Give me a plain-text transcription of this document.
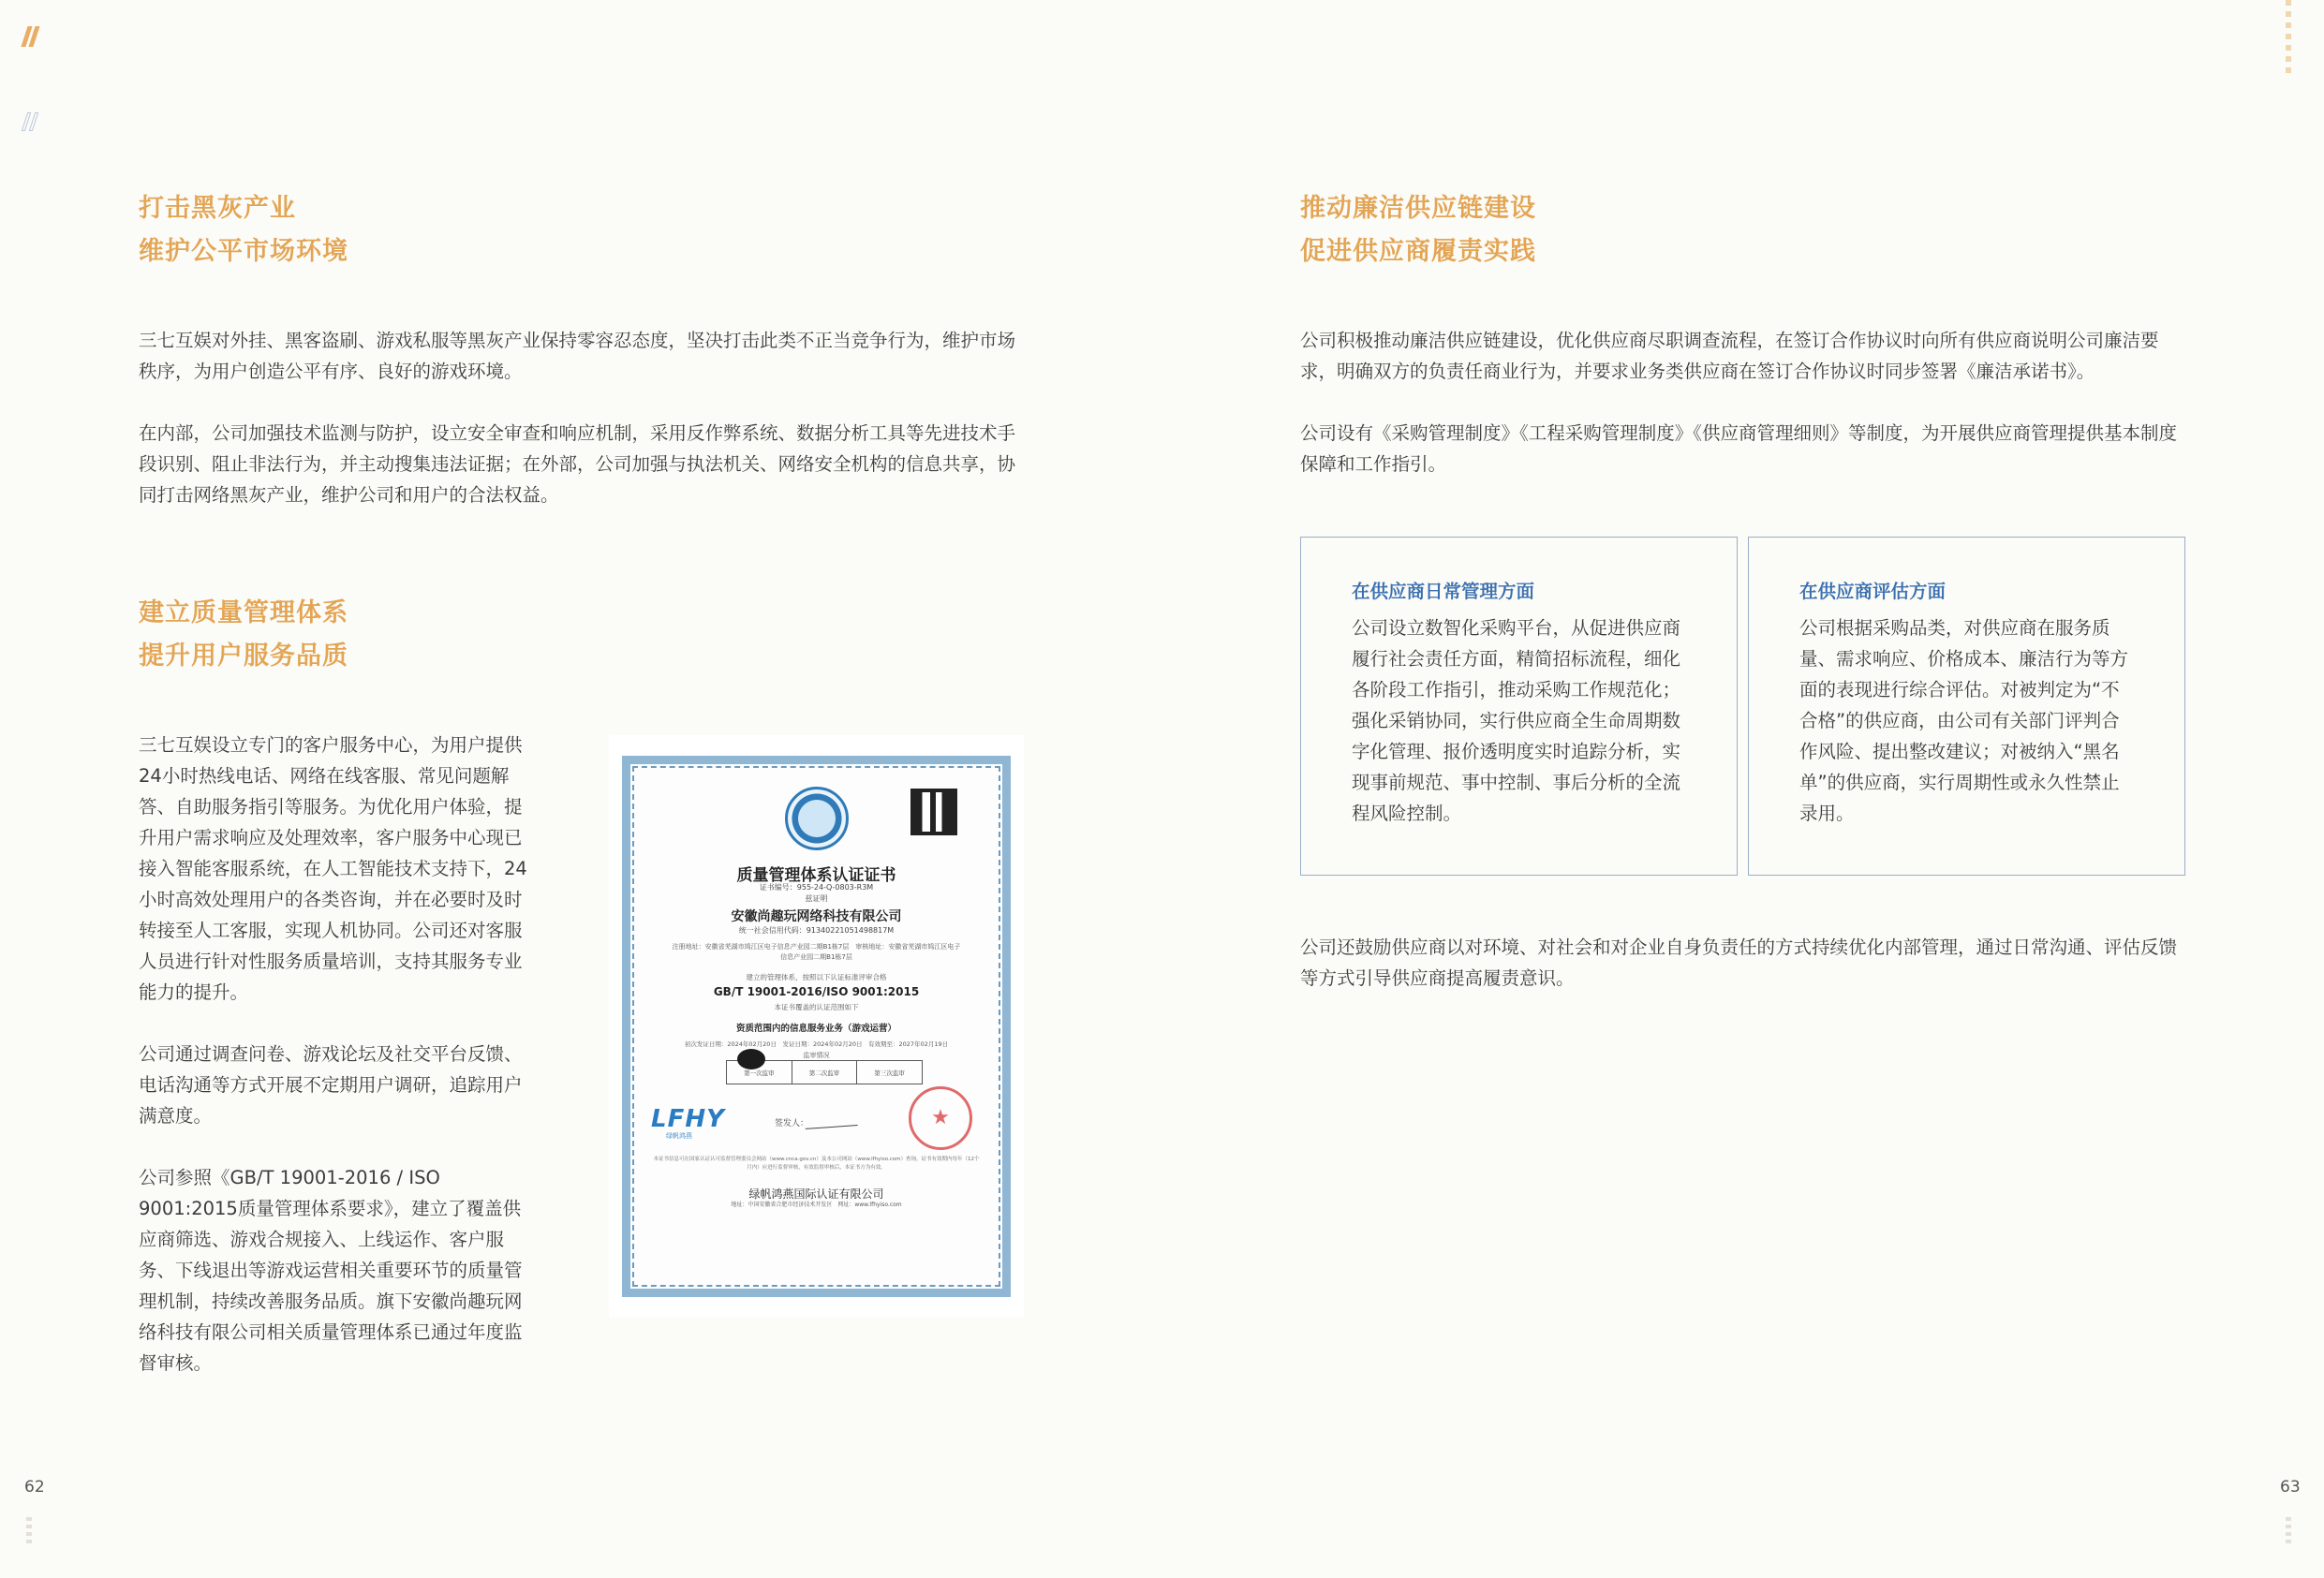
打击黑灰产业
维护公平市场环境

三七互娱对外挂、黑客盗刷、游戏私服等黑灰产业保持零容忍态度，坚决打击此类不正当竞争行为，维护市场秩序，为用户创造公平有序、良好的游戏环境。

在内部，公司加强技术监测与防护，设立安全审查和响应机制，采用反作弊系统、数据分析工具等先进技术手段识别、阻止非法行为，并主动搜集违法证据；在外部，公司加强与执法机关、网络安全机构的信息共享，协同打击网络黑灰产业，维护公司和用户的合法权益。

建立质量管理体系
提升用户服务品质

三七互娱设立专门的客户服务中心，为用户提供24小时热线电话、网络在线客服、常见问题解答、自助服务指引等服务。为优化用户体验，提升用户需求响应及处理效率，客户服务中心现已接入智能客服系统，在人工智能技术支持下，24小时高效处理用户的各类咨询，并在必要时及时转接至人工客服，实现人机协同。公司还对客服人员进行针对性服务质量培训，支持其服务专业能力的提升。

公司通过调查问卷、游戏论坛及社交平台反馈、电话沟通等方式开展不定期用户调研，追踪用户满意度。

公司参照《GB/T 19001-2016 / ISO 9001:2015质量管理体系要求》，建立了覆盖供应商筛选、游戏合规接入、上线运作、客户服务、下线退出等游戏运营相关重要环节的质量管理机制，持续改善服务品质。旗下安徽尚趣玩网络科技有限公司相关质量管理体系已通过年度监督审核。

质量管理体系认证证书
证书编号：955-24-Q-0803-R3M
兹证明
安徽尚趣玩网络科技有限公司
统一社会信用代码：91340221051498817M
注册地址：安徽省芜湖市鸠江区电子信息产业园二期B1栋7层　审核地址：安徽省芜湖市鸠江区电子信息产业园二期B1栋7层
建立的管理体系，按照以下认证标准评审合格
GB/T 19001-2016/ISO 9001:2015
本证书覆盖的认证范围如下
资质范围内的信息服务业务（游戏运营）
初次发证日期：2024年02月20日　发证日期：2024年02月20日　有效期至：2027年02月19日
监审情况
第一次监审	第二次监审	第三次监审
LFHY
绿帆鸿燕
签发人：	★
本证书信息可在国家认证认可监督管理委员会网站（www.cnca.gov.cn）及本公司网站（www.lfhyiso.com）查询。证书有效期内每年（12个月内）应进行监督审核，有效监督审核后，本证书方为有效。
绿帆鸿燕国际认证有限公司
地址：中国安徽省合肥市经济技术开发区　网址：www.lfhyiso.com
62
推动廉洁供应链建设
促进供应商履责实践

公司积极推动廉洁供应链建设，优化供应商尽职调查流程，在签订合作协议时向所有供应商说明公司廉洁要求，明确双方的负责任商业行为，并要求业务类供应商在签订合作协议时同步签署《廉洁承诺书》。

公司设有《采购管理制度》《工程采购管理制度》《供应商管理细则》等制度，为开展供应商管理提供基本制度保障和工作指引。

在供应商日常管理方面
公司设立数智化采购平台，从促进供应商履行社会责任方面，精简招标流程，细化各阶段工作指引，推动采购工作规范化；强化采销协同，实行供应商全生命周期数字化管理、报价透明度实时追踪分析，实现事前规范、事中控制、事后分析的全流程风险控制。
在供应商评估方面
公司根据采购品类，对供应商在服务质量、需求响应、价格成本、廉洁行为等方面的表现进行综合评估。对被判定为“不合格”的供应商，由公司有关部门评判合作风险、提出整改建议；对被纳入“黑名单”的供应商，实行周期性或永久性禁止录用。

公司还鼓励供应商以对环境、对社会和对企业自身负责任的方式持续优化内部管理，通过日常沟通、评估反馈等方式引导供应商提高履责意识。

63
